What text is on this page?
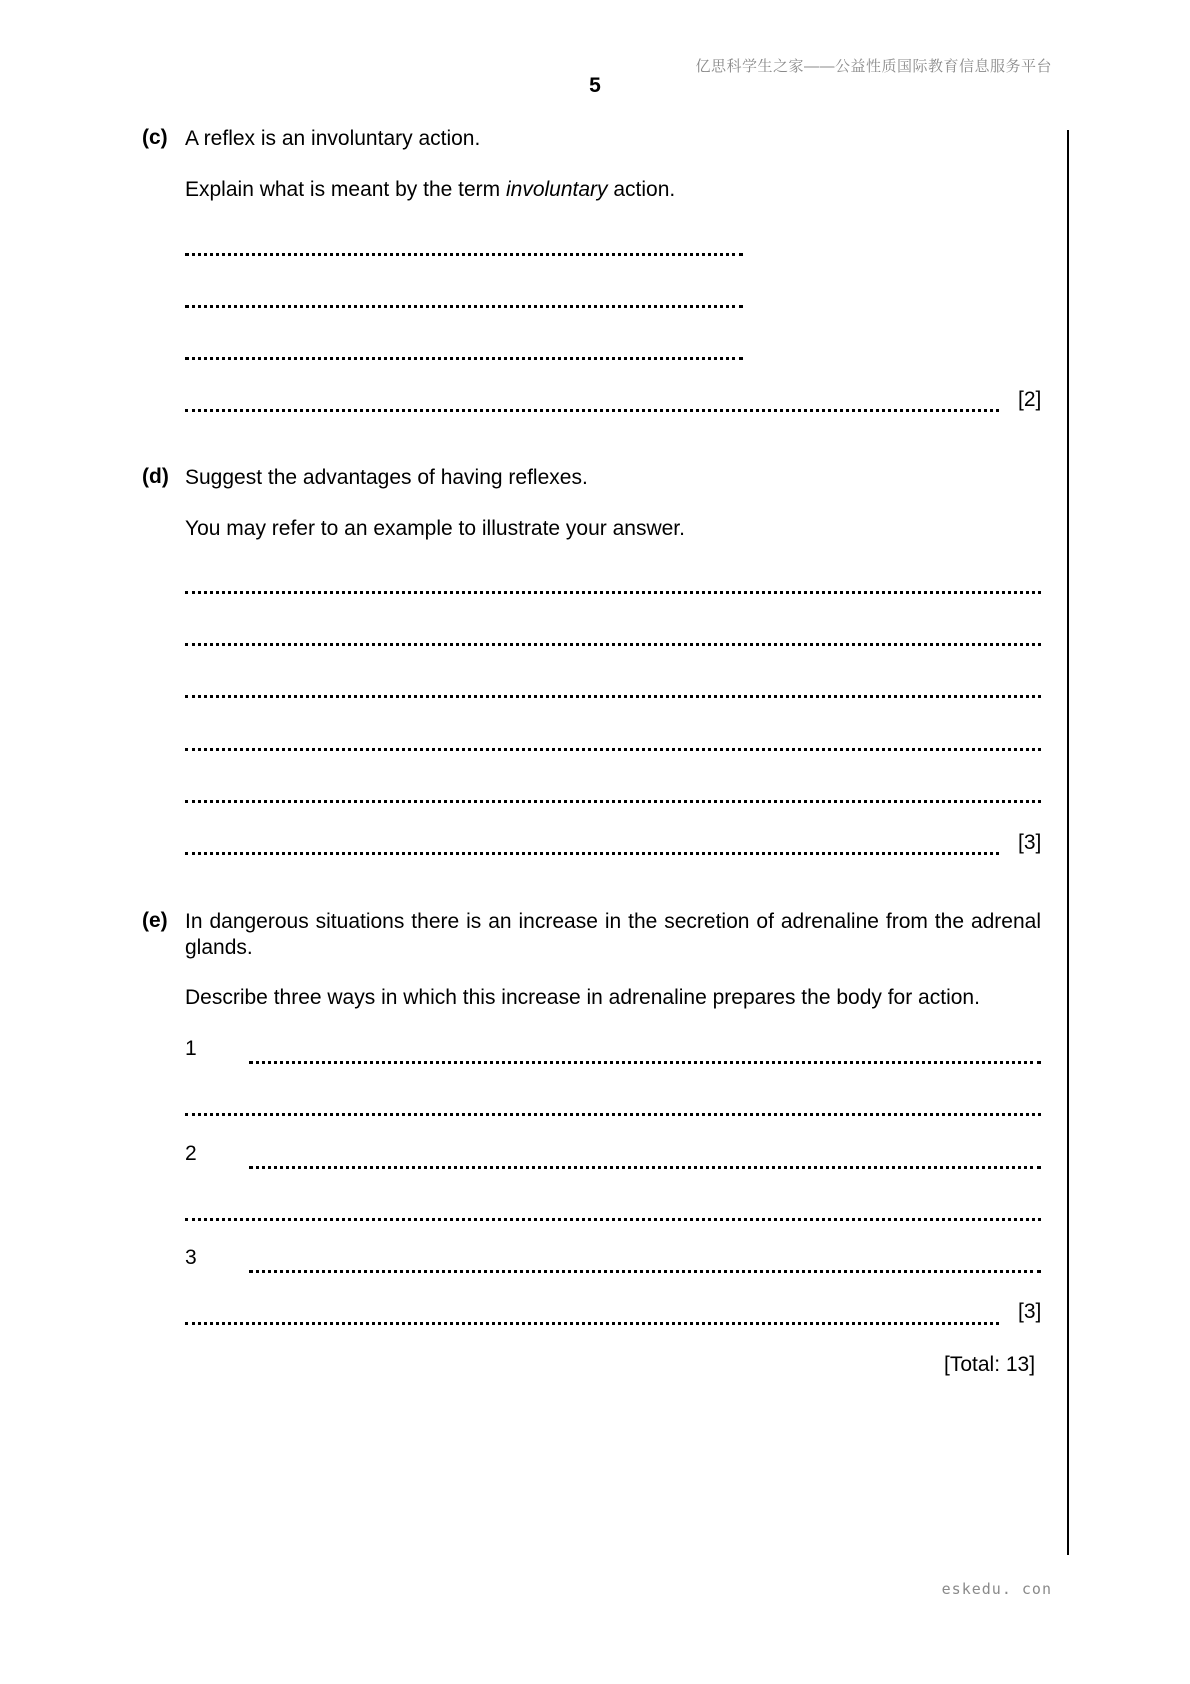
亿思科学生之家——公益性质国际教育信息服务平台
5
(c) A reflex is an involuntary action.
Explain what is meant by the term involuntary action.
[2]
(d) Suggest the advantages of having reflexes.
You may refer to an example to illustrate your answer.
[3]
(e) In dangerous situations there is an increase in the secretion of adrenaline from the adrenal glands.
Describe three ways in which this increase in adrenaline prepares the body for action.
1
2
3
[3]
[Total: 13]
eskedu. con
